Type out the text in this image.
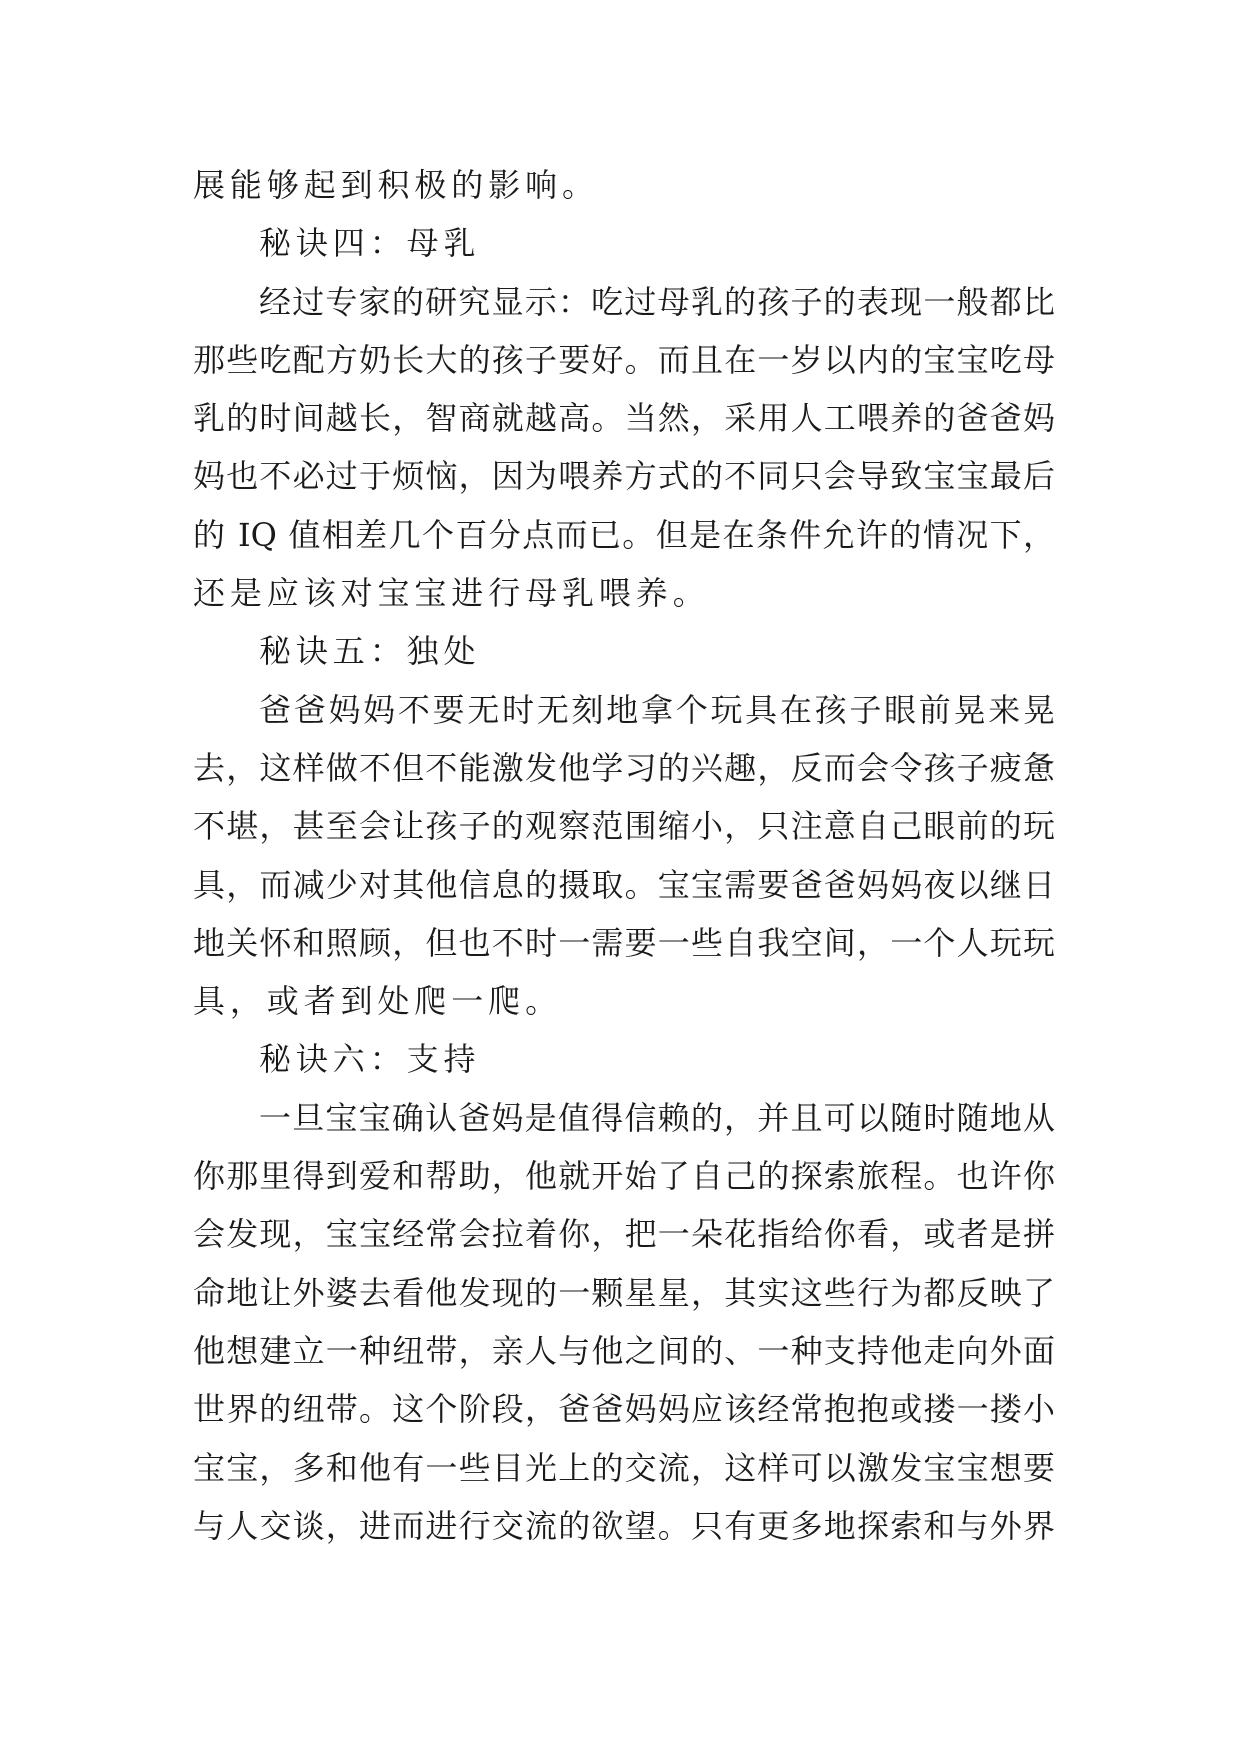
展能够起到积极的影响。
秘诀四：母乳
经过专家的研究显示：吃过母乳的孩子的表现一般都比
那些吃配方奶长大的孩子要好。而且在一岁以内的宝宝吃母
乳的时间越长，智商就越高。当然，采用人工喂养的爸爸妈
妈也不必过于烦恼，因为喂养方式的不同只会导致宝宝最后
的 IQ 值相差几个百分点而已。但是在条件允许的情况下，
还是应该对宝宝进行母乳喂养。
秘诀五：独处
爸爸妈妈不要无时无刻地拿个玩具在孩子眼前晃来晃
去，这样做不但不能激发他学习的兴趣，反而会令孩子疲惫
不堪，甚至会让孩子的观察范围缩小，只注意自己眼前的玩
具，而减少对其他信息的摄取。宝宝需要爸爸妈妈夜以继日
地关怀和照顾，但也不时一需要一些自我空间，一个人玩玩
具，或者到处爬一爬。
秘诀六：支持
一旦宝宝确认爸妈是值得信赖的，并且可以随时随地从
你那里得到爱和帮助，他就开始了自己的探索旅程。也许你
会发现，宝宝经常会拉着你，把一朵花指给你看，或者是拼
命地让外婆去看他发现的一颗星星，其实这些行为都反映了
他想建立一种纽带，亲人与他之间的、一种支持他走向外面
世界的纽带。这个阶段，爸爸妈妈应该经常抱抱或搂一搂小
宝宝，多和他有一些目光上的交流，这样可以激发宝宝想要
与人交谈，进而进行交流的欲望。只有更多地探索和与外界
